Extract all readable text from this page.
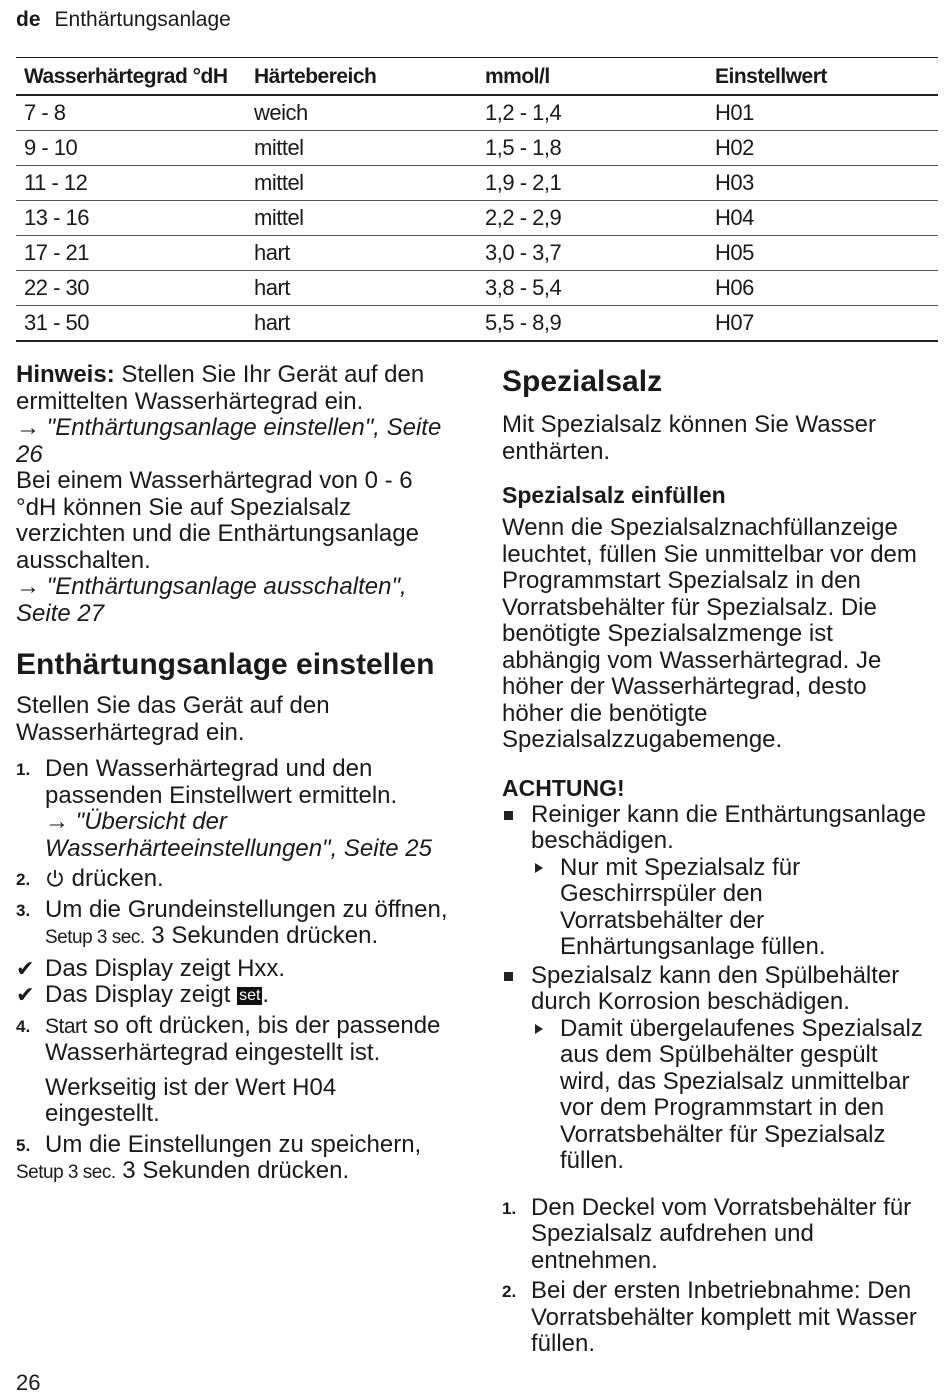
de Enthärtungsanlage
Wasserhärtegrad °dH	Härtebereich	mmol/l	Einstellwert
7 - 8	weich	1,2 - 1,4	H01
9 - 10	mittel	1,5 - 1,8	H02
11 - 12	mittel	1,9 - 2,1	H03
13 - 16	mittel	2,2 - 2,9	H04
17 - 21	hart	3,0 - 3,7	H05
22 - 30	hart	3,8 - 5,4	H06
31 - 50	hart	5,5 - 8,9	H07

Hinweis: Stellen Sie Ihr Gerät auf den ermittelten Wasserhärtegrad ein.

→ "Enthärtungsanlage einstellen", Seite 26

Bei einem Wasserhärtegrad von 0 - 6 °dH können Sie auf Spezialsalz verzichten und die Enthärtungsanlage ausschalten.

→ "Enthärtungsanlage ausschalten", Seite 27

Enthärtungsanlage einstellen

Stellen Sie das Gerät auf den Wasserhärtegrad ein.

1. Den Wasserhärtegrad und den passenden Einstellwert ermitteln.
→ "Übersicht der Wasserhärteeinstellungen", Seite 25
2. drücken.
3. Um die Grundeinstellungen zu öffnen, Setup 3 sec. 3 Sekunden drücken.
✔ Das Display zeigt Hxx.
✔ Das Display zeigt set.
4. Start so oft drücken, bis der passende Wasserhärtegrad eingestellt ist.
Werkseitig ist der Wert H04 eingestellt.
5. Um die Einstellungen zu speichern,
Setup 3 sec. 3 Sekunden drücken.
Spezialsalz

Mit Spezialsalz können Sie Wasser enthärten.

Spezialsalz einfüllen

Wenn die Spezialsalznachfüllanzeige leuchtet, füllen Sie unmittelbar vor dem Programmstart Spezialsalz in den Vorratsbehälter für Spezialsalz. Die benötigte Spezialsalzmenge ist abhängig vom Wasserhärtegrad. Je höher der Wasserhärtegrad, desto höher die benötigte Spezialsalzzugabemenge.

ACHTUNG!
Reiniger kann die Enthärtungsanlage beschädigen.
Nur mit Spezialsalz für Geschirrspüler den Vorratsbehälter der Enhärtungsanlage füllen.
Spezialsalz kann den Spülbehälter durch Korrosion beschädigen.
Damit übergelaufenes Spezialsalz aus dem Spülbehälter gespült wird, das Spezialsalz unmittelbar vor dem Programmstart in den Vorratsbehälter für Spezialsalz füllen.
1. Den Deckel vom Vorratsbehälter für Spezialsalz aufdrehen und entnehmen.
2. Bei der ersten Inbetriebnahme: Den Vorratsbehälter komplett mit Wasser füllen.
26
